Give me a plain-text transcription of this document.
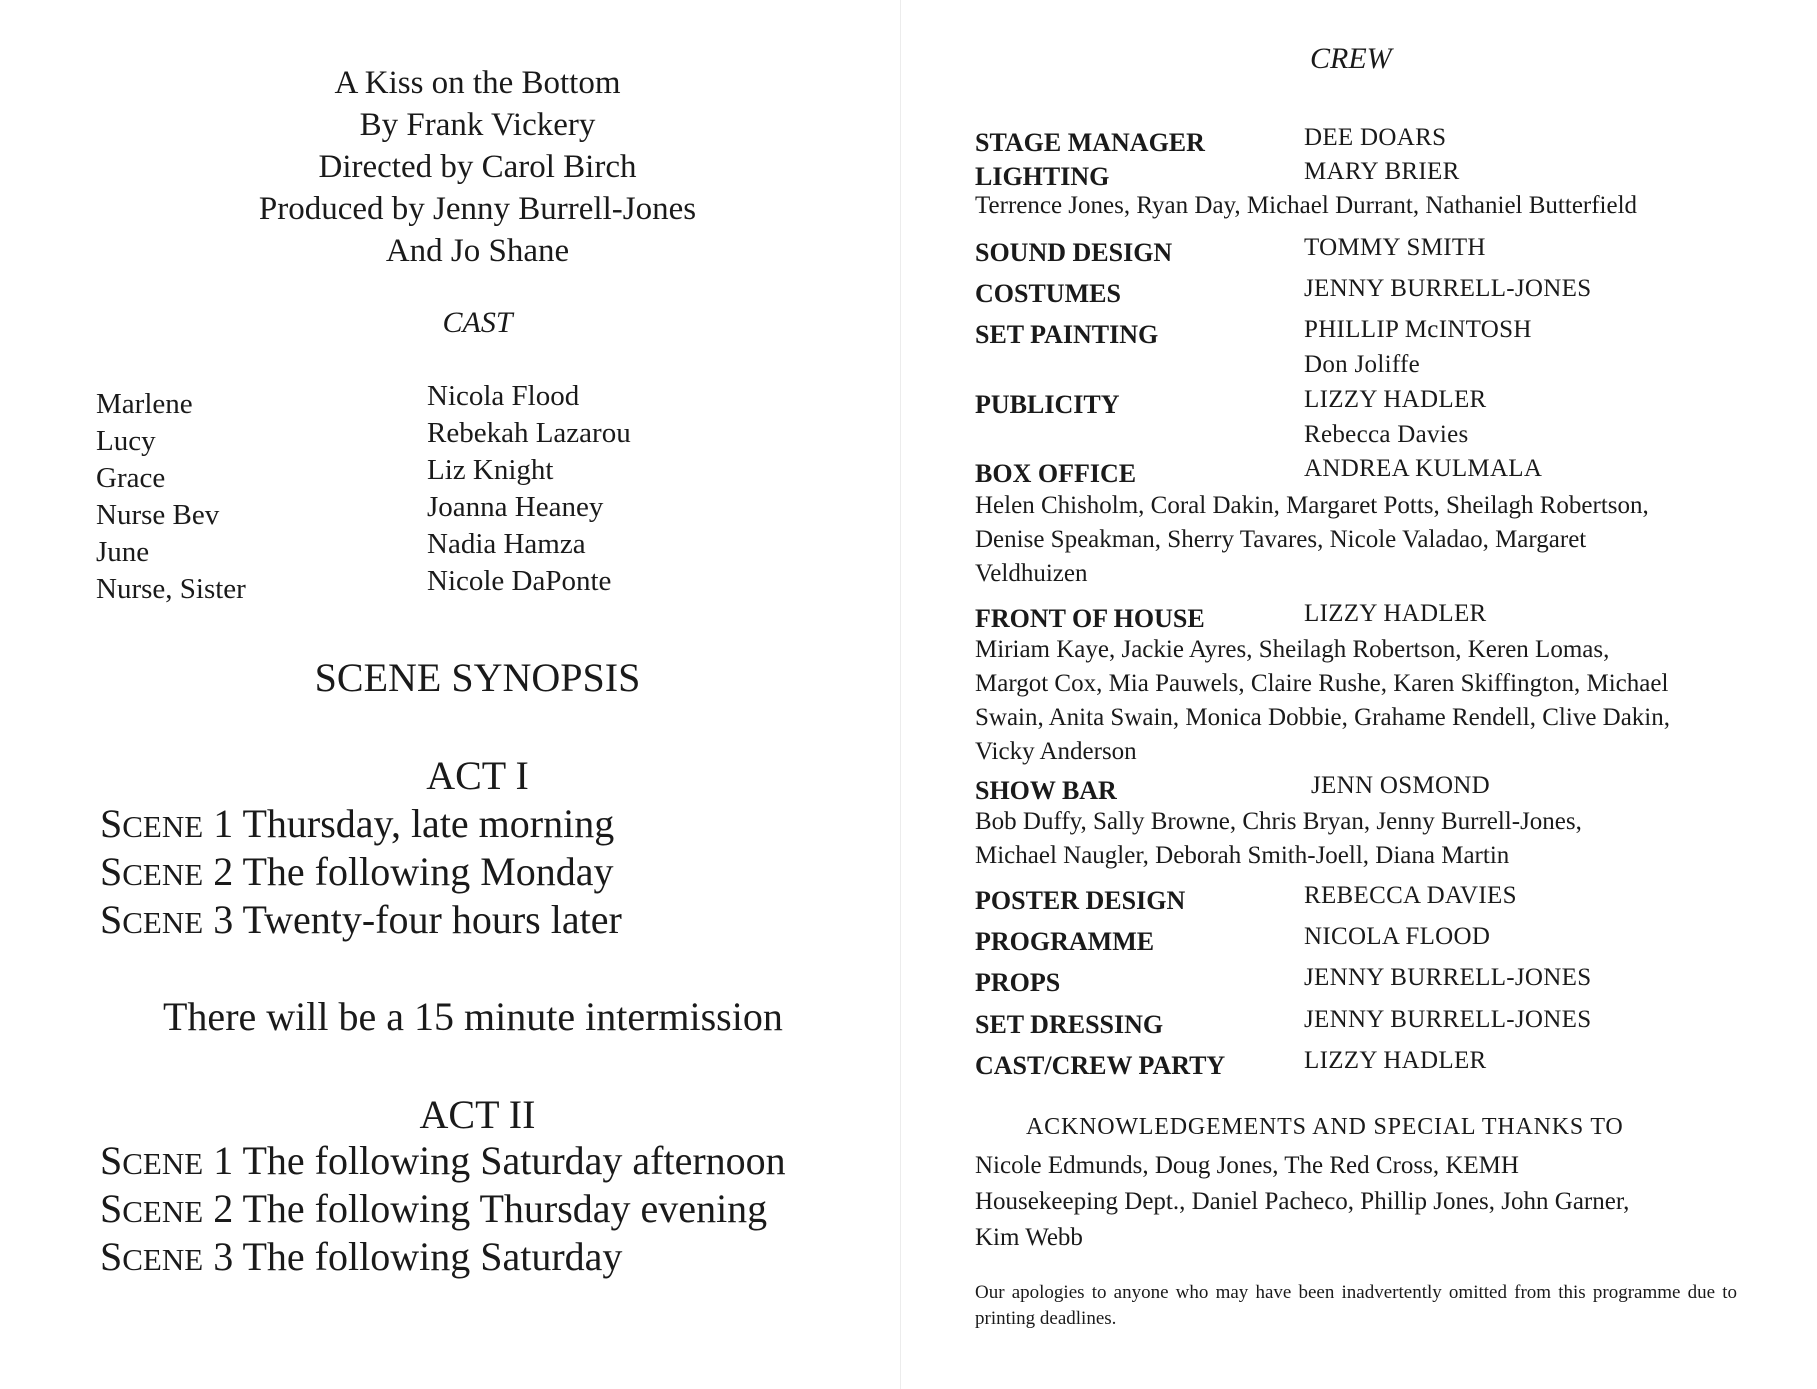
A Kiss on the Bottom
By Frank Vickery
Directed by Carol Birch
Produced by Jenny Burrell-Jones
And Jo Shane
CAST
Marlene	Nicola Flood
Lucy	Rebekah Lazarou
Grace	Liz Knight
Nurse Bev	Joanna Heaney
June	Nadia Hamza
Nurse, Sister	Nicole DaPonte
SCENE SYNOPSIS
ACT I
SCENE 1 Thursday, late morning
SCENE 2 The following Monday
SCENE 3 Twenty-four hours later
There will be a 15 minute intermission
ACT II
SCENE 1 The following Saturday afternoon
SCENE 2 The following Thursday evening
SCENE 3 The following Saturday
CREW
STAGE MANAGER	DEE DOARS
LIGHTING	MARY BRIER
Terrence Jones, Ryan Day, Michael Durrant, Nathaniel Butterfield
SOUND DESIGN	TOMMY SMITH
COSTUMES	JENNY BURRELL-JONES
SET PAINTING	PHILLIP McINTOSH
Don Joliffe
PUBLICITY	LIZZY HADLER
Rebecca Davies
BOX OFFICE	ANDREA KULMALA
Helen Chisholm, Coral Dakin, Margaret Potts, Sheilagh Robertson,
Denise Speakman, Sherry Tavares, Nicole Valadao, Margaret
Veldhuizen
FRONT OF HOUSE	LIZZY HADLER
Miriam Kaye, Jackie Ayres, Sheilagh Robertson, Keren Lomas,
Margot Cox, Mia Pauwels, Claire Rushe, Karen Skiffington, Michael
Swain, Anita Swain, Monica Dobbie, Grahame Rendell, Clive Dakin,
Vicky Anderson
SHOW BAR	JENN OSMOND
Bob Duffy, Sally Browne, Chris Bryan, Jenny Burrell-Jones,
Michael Naugler, Deborah Smith-Joell, Diana Martin
POSTER DESIGN	REBECCA DAVIES
PROGRAMME	NICOLA FLOOD
PROPS	JENNY BURRELL-JONES
SET DRESSING	JENNY BURRELL-JONES
CAST/CREW PARTY	LIZZY HADLER
ACKNOWLEDGEMENTS AND SPECIAL THANKS TO
Nicole Edmunds, Doug Jones, The Red Cross, KEMH
Housekeeping Dept., Daniel Pacheco, Phillip Jones, John Garner,
Kim Webb
Our apologies to anyone who may have been inadvertently omitted from this programme due to printing deadlines.
